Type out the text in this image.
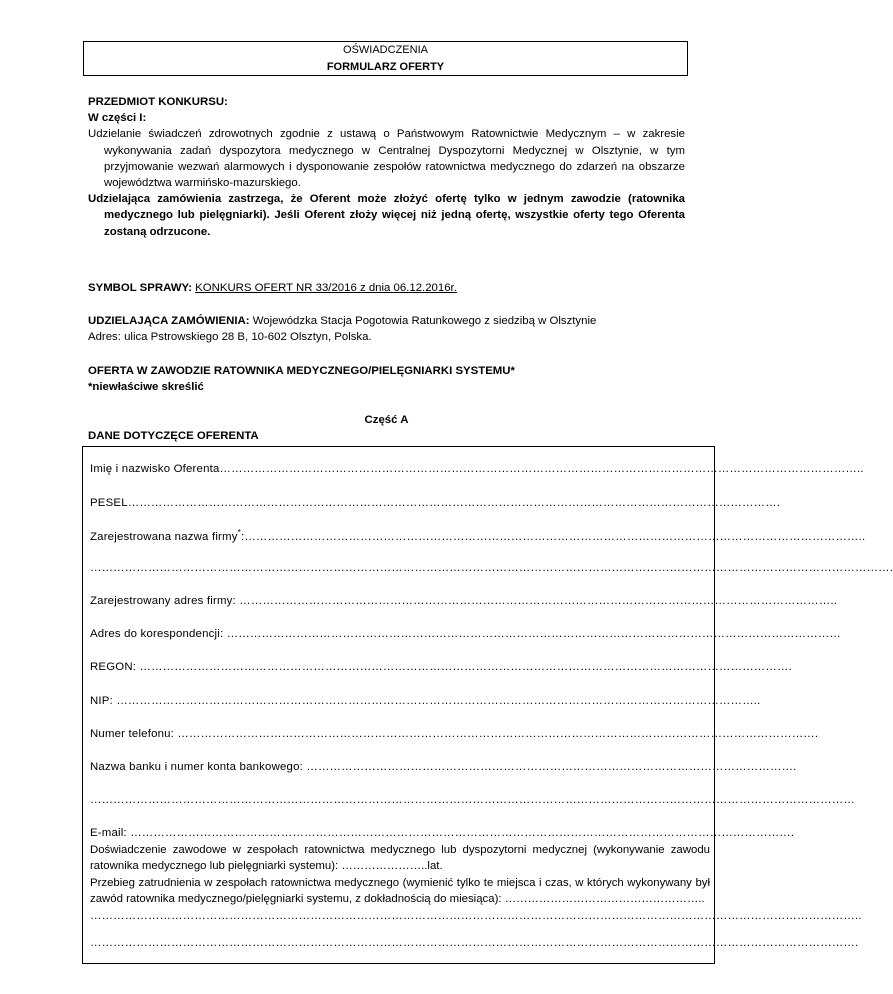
OŚWIADCZENIA
FORMULARZ OFERTY
PRZEDMIOT KONKURSU:
W części I:

Udzielanie świadczeń zdrowotnych zgodnie z ustawą o Państwowym Ratownictwie Medycznym – w zakresie wykonywania zadań dyspozytora medycznego w Centralnej Dyspozytorni Medycznej w Olsztynie, w tym przyjmowanie wezwań alarmowych i dysponowanie zespołów ratownictwa medycznego do zdarzeń na obszarze województwa warmińsko-mazurskiego.

Udzielająca zamówienia zastrzega, że Oferent może złożyć ofertę tylko w jednym zawodzie (ratownika medycznego lub pielęgniarki). Jeśli Oferent złoży więcej niż jedną ofertę, wszystkie oferty tego Oferenta zostaną odrzucone.

SYMBOL SPRAWY: KONKURS OFERT NR 33/2016 z dnia 06.12.2016r.
UDZIELAJĄCA ZAMÓWIENIA: Wojewódzka Stacja Pogotowia Ratunkowego z siedzibą w Olsztynie
Adres: ulica Pstrowskiego 28 B, 10-602 Olsztyn, Polska.
OFERTA W ZAWODZIE RATOWNIKA MEDYCZNEGO/PIELĘGNIARKI SYSTEMU*
*niewłaściwe skreślić
Część A
DANE DOTYCZĘCE OFERENTA
Imię i nazwisko Oferenta…………………………………………………………………………………………………………………………………………………..
PESEL…………………………………………………………………………………………………………………………………………………….
Zarejestrowana nazwa firmy*:……………………………………………………………………………………………………………………………………………..
……………………………………………………………………………………………………………………………………………………………………………………….
Zarejestrowany adres firmy: ………………………………………………………………………………………………………………………………………..
Adres do korespondencji: ……………………………………………………………………………………………………………………………………………
REGON: …………………………………………………………………………………………………………………………………………………….
NIP: …………………………………………………………………………………………………………………………………………………..
Numer telefonu: ………………………………………………………………………………………………………………………………………………….
Nazwa banku i numer konta bankowego: ……………………………………………………………………………………………………………….
………………………………………………………………………………………………………………………………………………………………………………
E-mail: ……………………………………………………………………………………………………………………………………………………….
Doświadczenie zawodowe w zespołach ratownictwa medycznego lub dyspozytorni medycznej (wykonywanie zawodu ratownika medycznego lub pielęgniarki systemu): …………………..lat.
Przebieg zatrudnienia w zespołach ratownictwa medycznego (wymienić tylko te miejsca i czas, w których wykonywany był zawód ratownika medycznego/pielęgniarki systemu, z dokładnością do miesiąca): ……………………………………………..
………………………………………………………………………………………………………………………………………………………………………………..
……………………………………………………………………………………………………………………………………………………………………………….
